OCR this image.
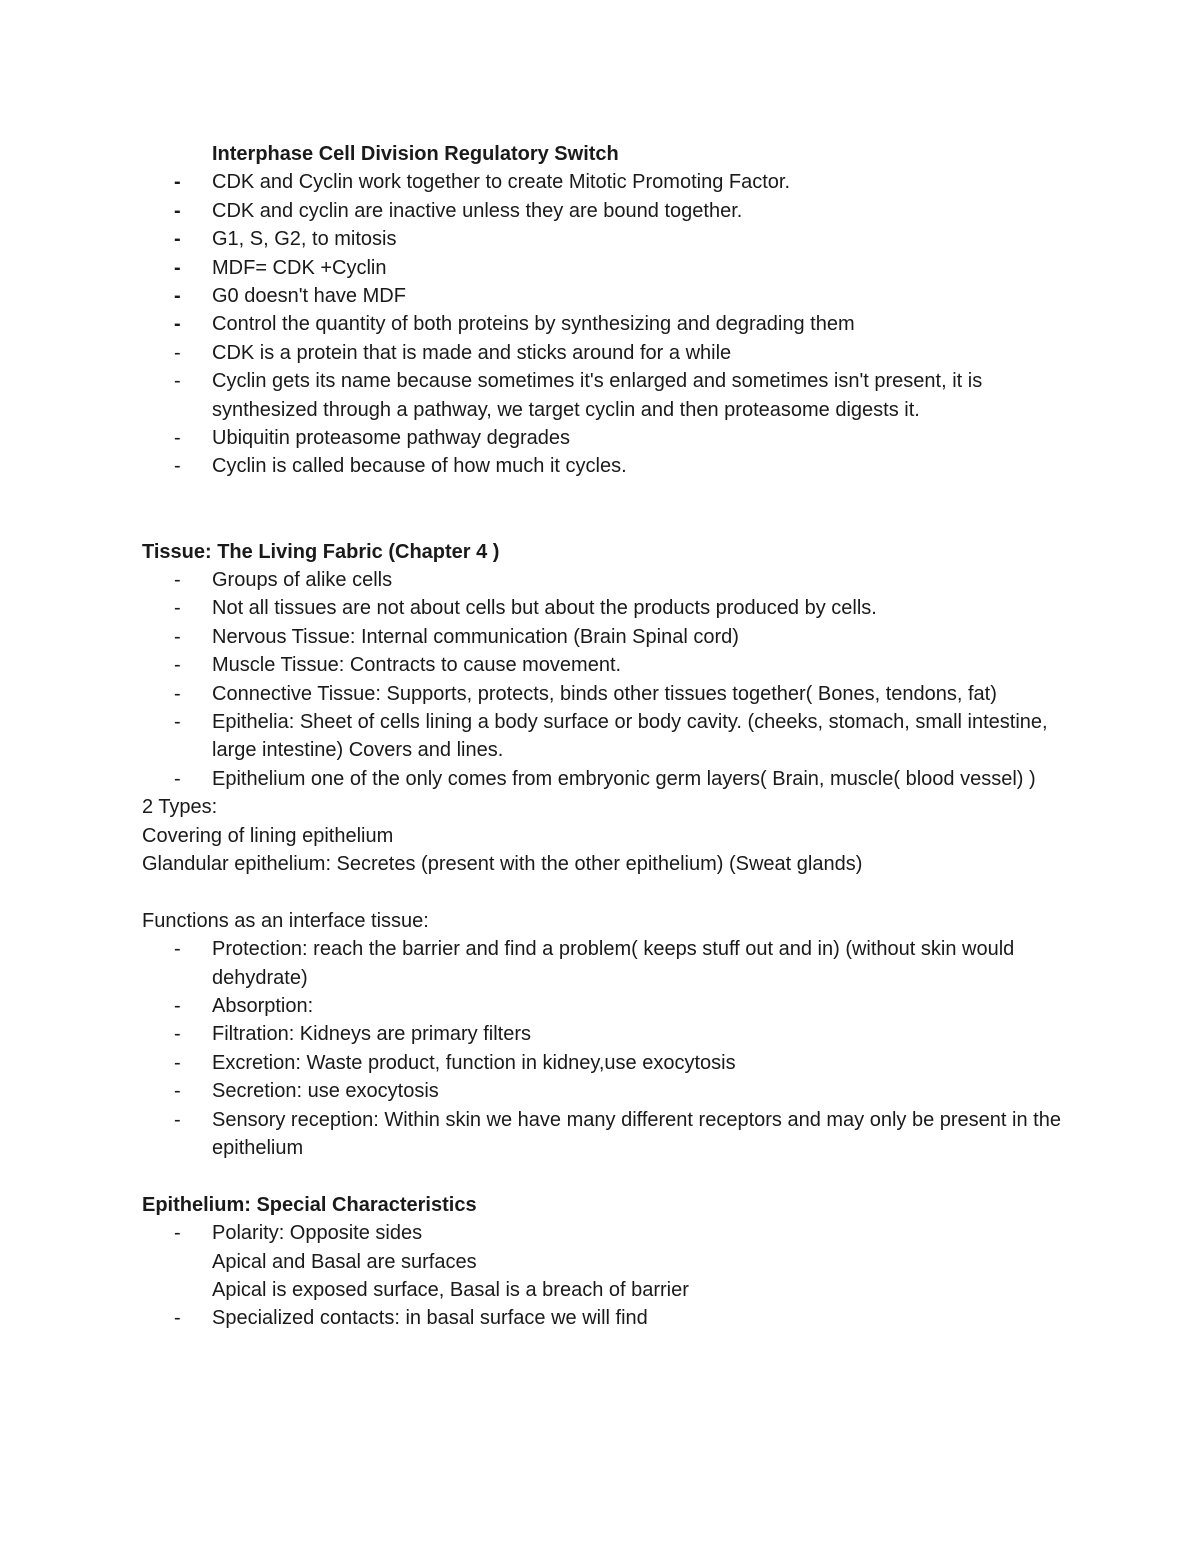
Interphase Cell Division Regulatory Switch
-	CDK and Cyclin work together to create Mitotic Promoting Factor.
-	CDK and cyclin are inactive unless they are bound together.
-	G1, S, G2, to mitosis
-	MDF= CDK +Cyclin
-	G0 doesn't have MDF
-	Control the quantity of both proteins by synthesizing and degrading them
-	CDK is a protein that is made and sticks around for a while
-	Cyclin gets its name because sometimes it's enlarged and sometimes isn't present, it is synthesized through a pathway, we target cyclin and then proteasome digests it.
-	Ubiquitin proteasome pathway degrades
-	Cyclin is called because of how much it cycles.
Tissue: The Living Fabric (Chapter 4 )
-	Groups of alike cells
-	Not all tissues are not about cells but about the products produced by cells.
-	Nervous Tissue: Internal communication (Brain Spinal cord)
-	Muscle Tissue: Contracts to cause movement.
-	Connective Tissue: Supports, protects, binds other tissues together( Bones, tendons, fat)
-	Epithelia: Sheet of cells lining a body surface or body cavity. (cheeks, stomach, small intestine, large intestine) Covers and lines.
-	Epithelium one of the only comes from embryonic germ layers( Brain, muscle( blood vessel) )
2 Types:
Covering of lining epithelium
Glandular epithelium: Secretes (present with the other epithelium) (Sweat glands)
Functions as an interface tissue:
-	Protection: reach the barrier and find a problem( keeps stuff out and in) (without skin would dehydrate)
-	Absorption:
-	Filtration: Kidneys are primary filters
-	Excretion: Waste product, function in kidney,use exocytosis
-	Secretion: use exocytosis
-	Sensory reception: Within skin we have many different receptors and may only be present in the epithelium
Epithelium: Special Characteristics
-	Polarity: Opposite sides
Apical and Basal are surfaces
Apical is exposed surface, Basal is a breach of barrier
-	Specialized contacts: in basal surface we will find
